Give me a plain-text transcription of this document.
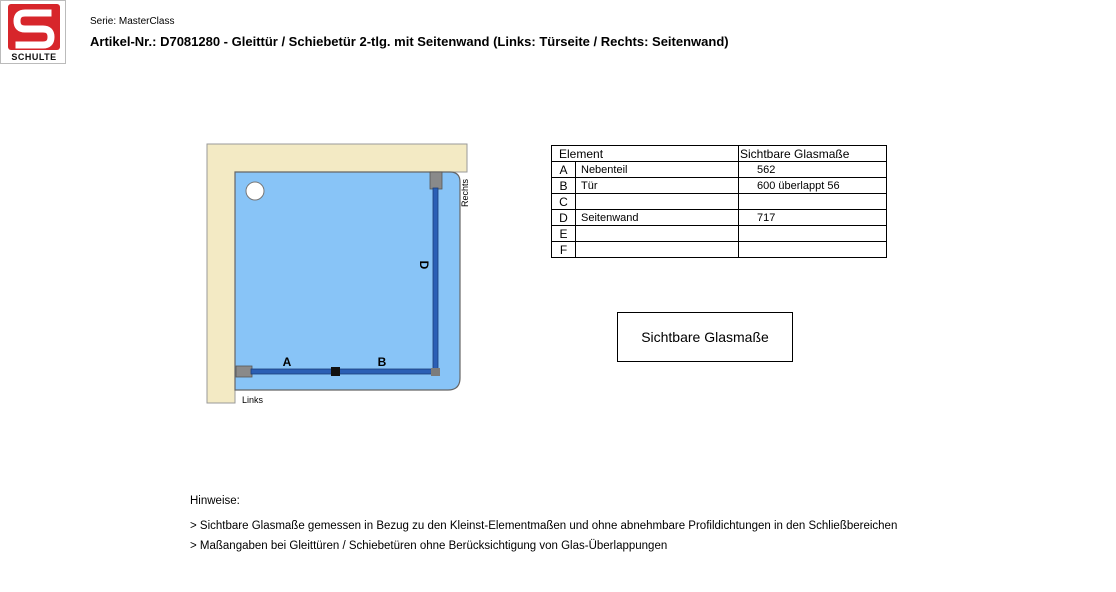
SCHULTE
Serie: MasterClass
Artikel-Nr.: D7081280 - Gleittür / Schiebetür 2-tlg. mit Seitenwand (Links: Türseite / Rechts: Seitenwand)
A	B
D
Links
Rechts
Element		Sichtbare Glasmaße
A	Nebenteil	562
B	Tür	600 überlappt 56
C		
D	Seitenwand	717
E		
F		
Sichtbare Glasmaße
Hinweise:
> Sichtbare Glasmaße gemessen in Bezug zu den Kleinst-Elementmaßen und ohne abnehmbare Profildichtungen in den Schließbereichen
> Maßangaben bei Gleittüren / Schiebetüren ohne Berücksichtigung von Glas-Überlappungen
